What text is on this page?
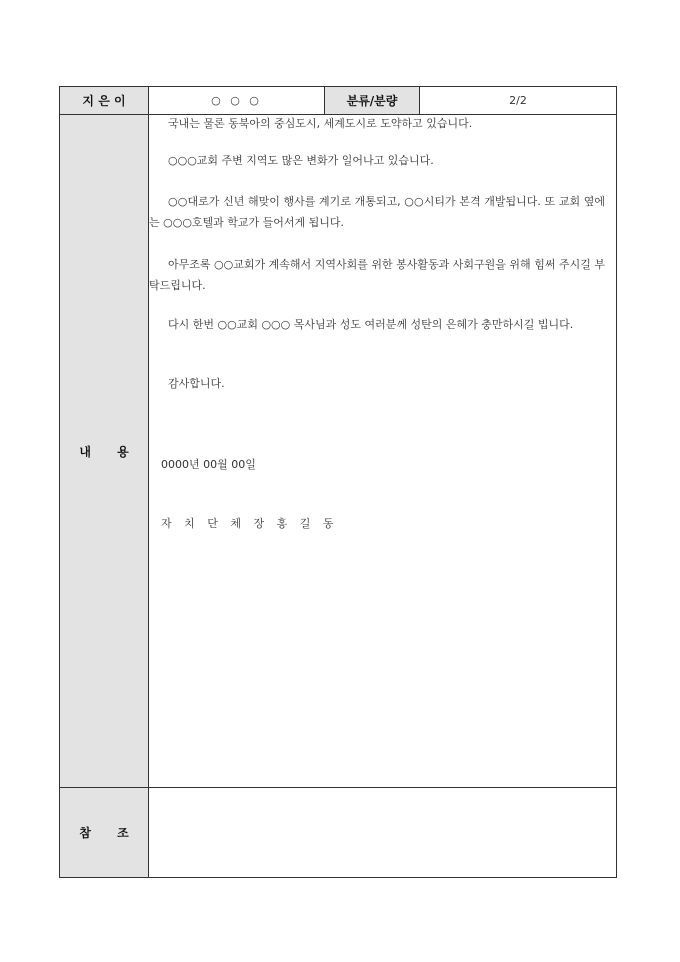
지 은 이	○ ○ ○	분류/분량	2/2
내 용

국내는 물론 동북아의 중심도시, 세계도시로 도약하고 있습니다.

○○○교회 주변 지역도 많은 변화가 일어나고 있습니다.

○○대로가 신년 해맞이 행사를 계기로 개통되고, ○○시티가 본격 개발됩니다. 또 교회 옆에는 ○○○호텔과 학교가 들어서게 됩니다.

아무조록 ○○교회가 계속해서 지역사회를 위한 봉사활동과 사회구원을 위해 힘써 주시길 부탁드립니다.

다시 한번 ○○교회 ○○○ 목사님과 성도 여러분께 성탄의 은혜가 충만하시길 빕니다.

감사합니다.

0000년 00월 00일

자 치 단 체 장 홍 길 동

참 조
